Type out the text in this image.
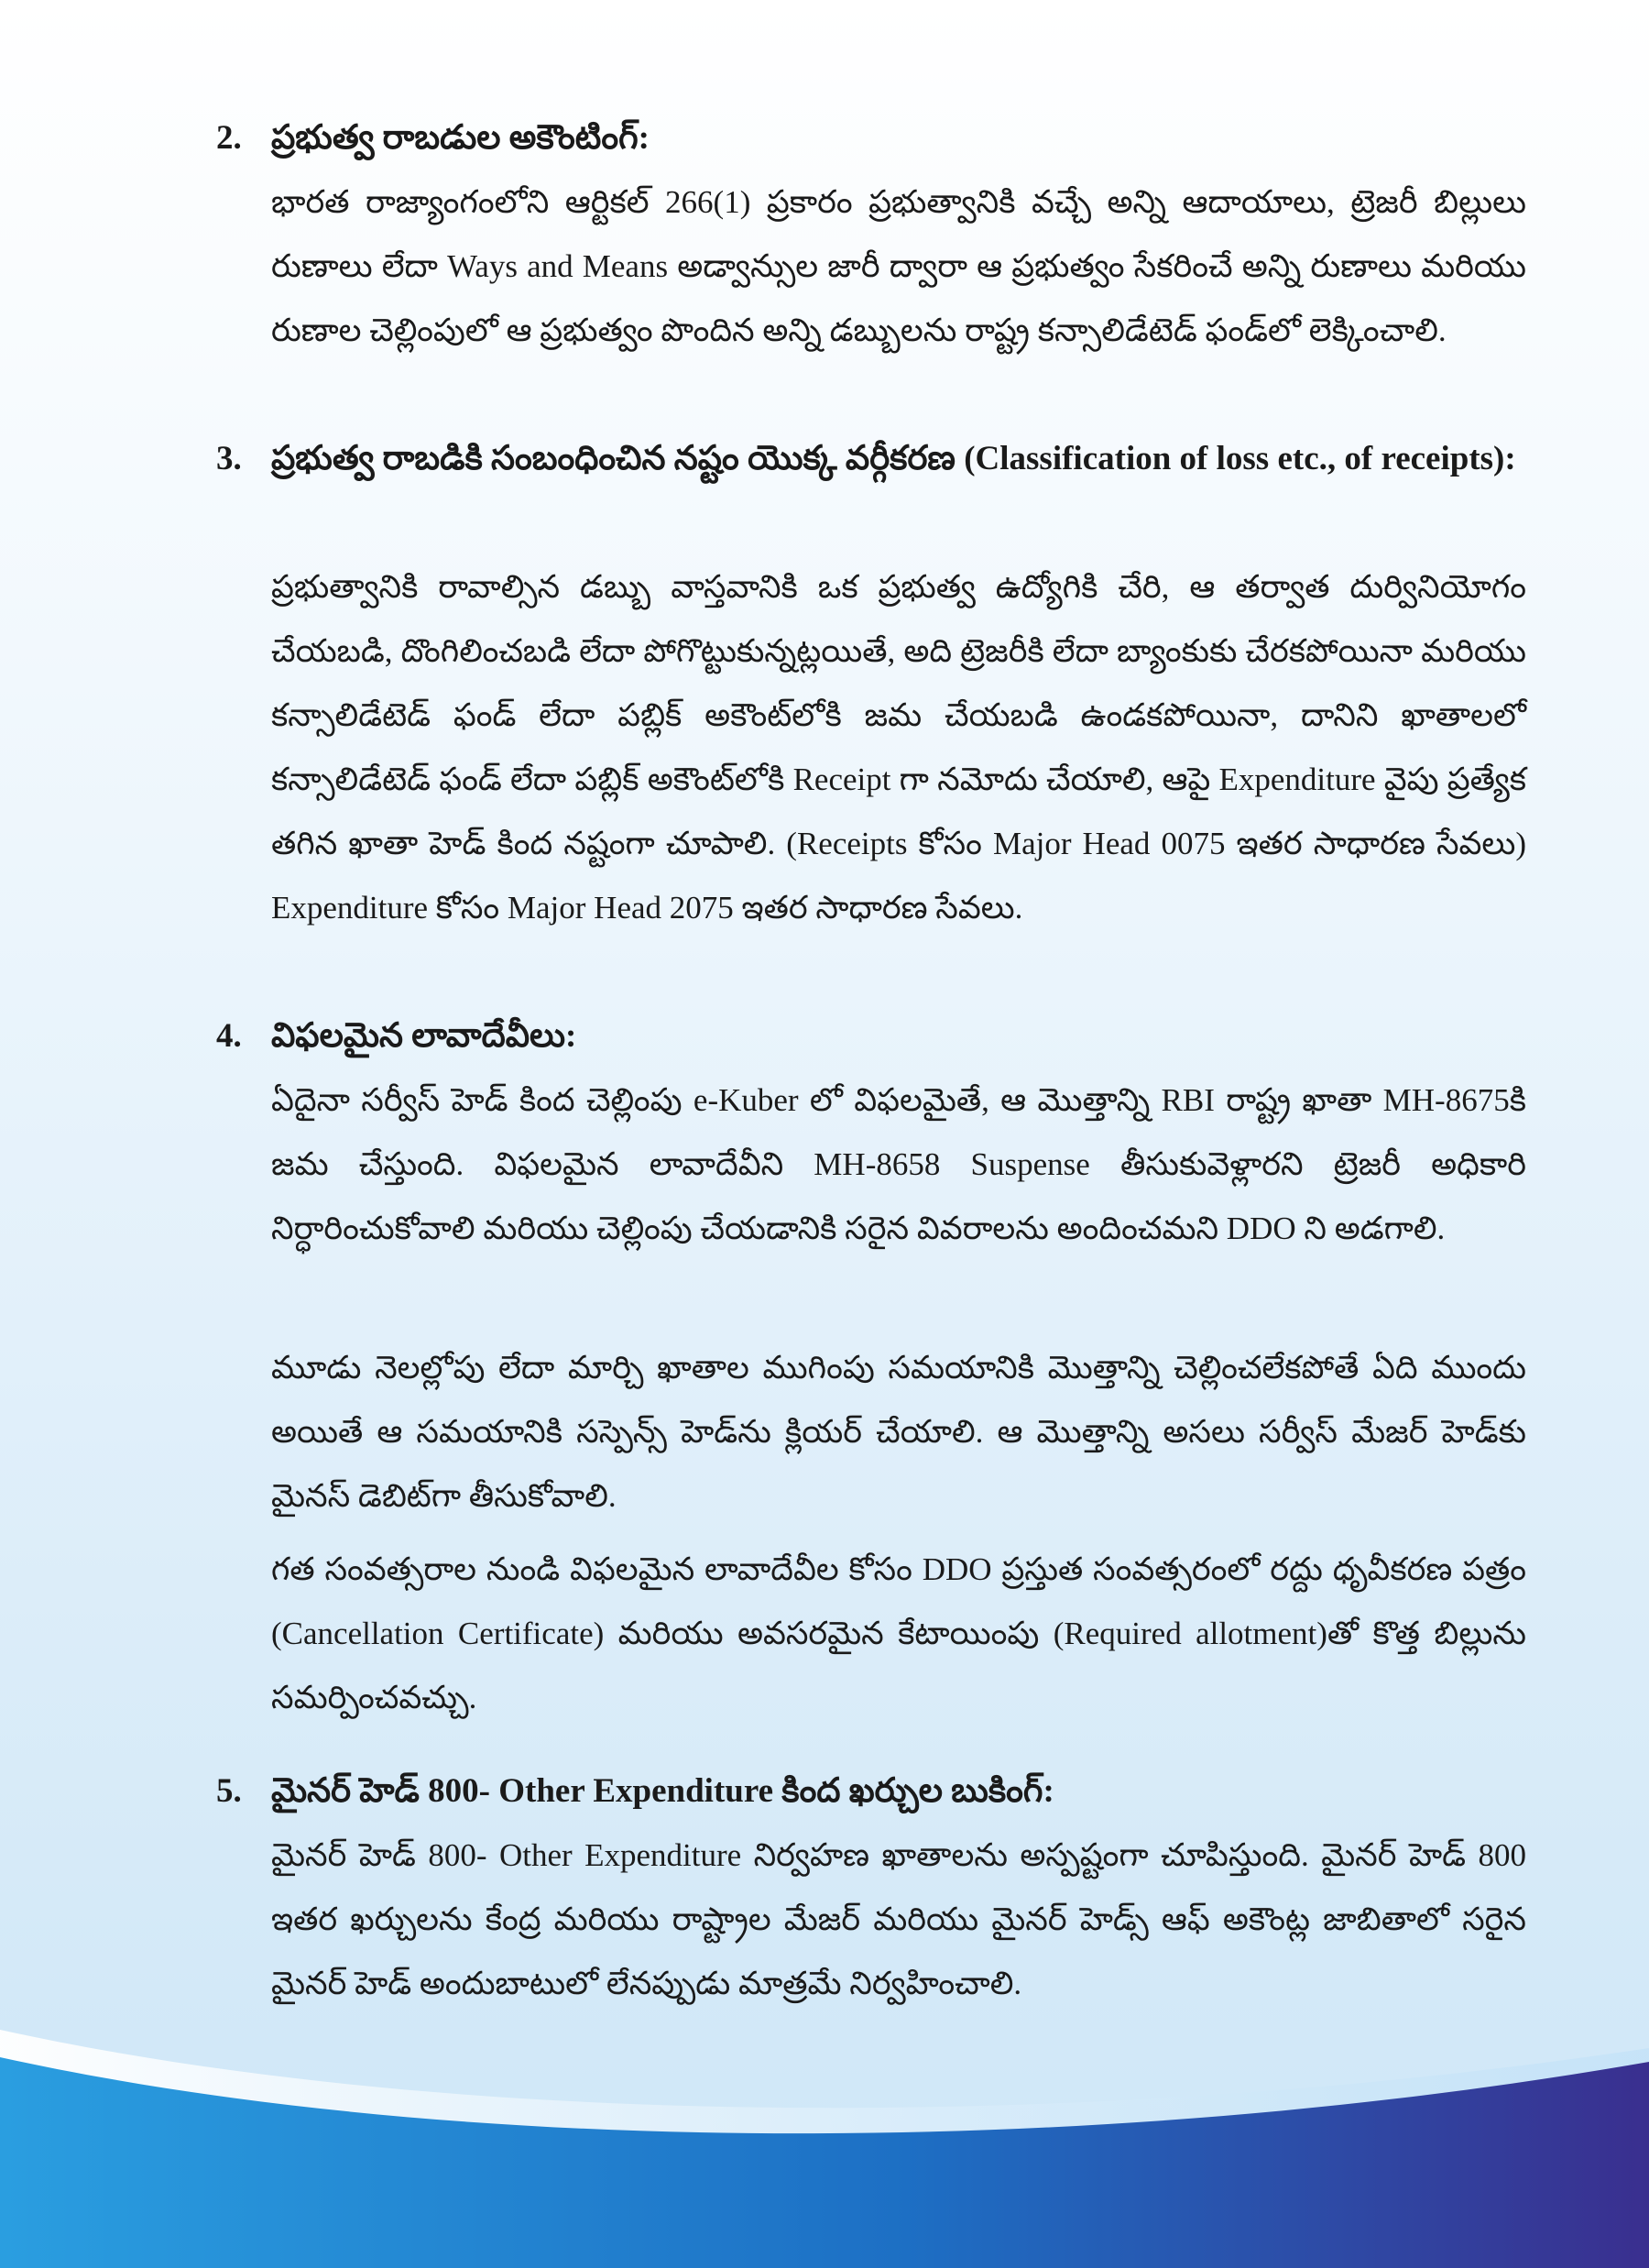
2. ప్రభుత్వ రాబడుల అకౌంటింగ్:
భారత రాజ్యాంగంలోని ఆర్టికల్ 266(1) ప్రకారం ప్రభుత్వానికి వచ్చే అన్ని ఆదాయాలు, ట్రెజరీ బిల్లులు రుణాలు లేదా Ways and Means అడ్వాన్సుల జారీ ద్వారా ఆ ప్రభుత్వం సేకరించే అన్ని రుణాలు మరియు రుణాల చెల్లింపులో ఆ ప్రభుత్వం పొందిన అన్ని డబ్బులను రాష్ట్ర కన్సాలిడేటెడ్ ఫండ్‌లో లెక్కించాలి.
3. ప్రభుత్వ రాబడికి సంబంధించిన నష్టం యొక్క వర్గీకరణ (Classification of loss etc., of receipts):
ప్రభుత్వానికి రావాల్సిన డబ్బు వాస్తవానికి ఒక ప్రభుత్వ ఉద్యోగికి చేరి, ఆ తర్వాత దుర్వినియోగం చేయబడి, దొంగిలించబడి లేదా పోగొట్టుకున్నట్లయితే, అది ట్రెజరీకి లేదా బ్యాంకుకు చేరకపోయినా మరియు కన్సాలిడేటెడ్ ఫండ్ లేదా పబ్లిక్ అకౌంట్‌లోకి జమ చేయబడి ఉండకపోయినా, దానిని ఖాతాలలో కన్సాలిడేటెడ్ ఫండ్ లేదా పబ్లిక్ అకౌంట్‌లోకి Receipt గా నమోదు చేయాలి, ఆపై Expenditure వైపు ప్రత్యేక తగిన ఖాతా హెడ్ కింద నష్టంగా చూపాలి. (Receipts కోసం Major Head 0075 ఇతర సాధారణ సేవలు) Expenditure కోసం Major Head 2075 ఇతర సాధారణ సేవలు.
4. విఫలమైన లావాదేవీలు:
ఏదైనా సర్వీస్ హెడ్ కింద చెల్లింపు e-Kuber లో విఫలమైతే, ఆ మొత్తాన్ని RBI రాష్ట్ర ఖాతా MH-8675కి జమ చేస్తుంది. విఫలమైన లావాదేవీని MH-8658 Suspense తీసుకువెళ్లారని ట్రెజరీ అధికారి నిర్ధారించుకోవాలి మరియు చెల్లింపు చేయడానికి సరైన వివరాలను అందించమని DDO ని అడగాలి.
మూడు నెలల్లోపు లేదా మార్చి ఖాతాల ముగింపు సమయానికి మొత్తాన్ని చెల్లించలేకపోతే ఏది ముందు అయితే ఆ సమయానికి సస్పెన్స్ హెడ్‌ను క్లియర్ చేయాలి. ఆ మొత్తాన్ని అసలు సర్వీస్ మేజర్ హెడ్‌కు మైనస్ డెబిట్‌గా తీసుకోవాలి.
గత సంవత్సరాల నుండి విఫలమైన లావాదేవీల కోసం DDO ప్రస్తుత సంవత్సరంలో రద్దు ధృవీకరణ పత్రం (Cancellation Certificate) మరియు అవసరమైన కేటాయింపు (Required allotment)తో కొత్త బిల్లును సమర్పించవచ్చు.
5. మైనర్ హెడ్ 800- Other Expenditure కింద ఖర్చుల బుకింగ్:
మైనర్ హెడ్ 800- Other Expenditure నిర్వహణ ఖాతాలను అస్పష్టంగా చూపిస్తుంది. మైనర్ హెడ్ 800 ఇతర ఖర్చులను కేంద్ర మరియు రాష్ట్రాల మేజర్ మరియు మైనర్ హెడ్స్ ఆఫ్ అకౌంట్ల జాబితాలో సరైన మైనర్ హెడ్ అందుబాటులో లేనప్పుడు మాత్రమే నిర్వహించాలి.
